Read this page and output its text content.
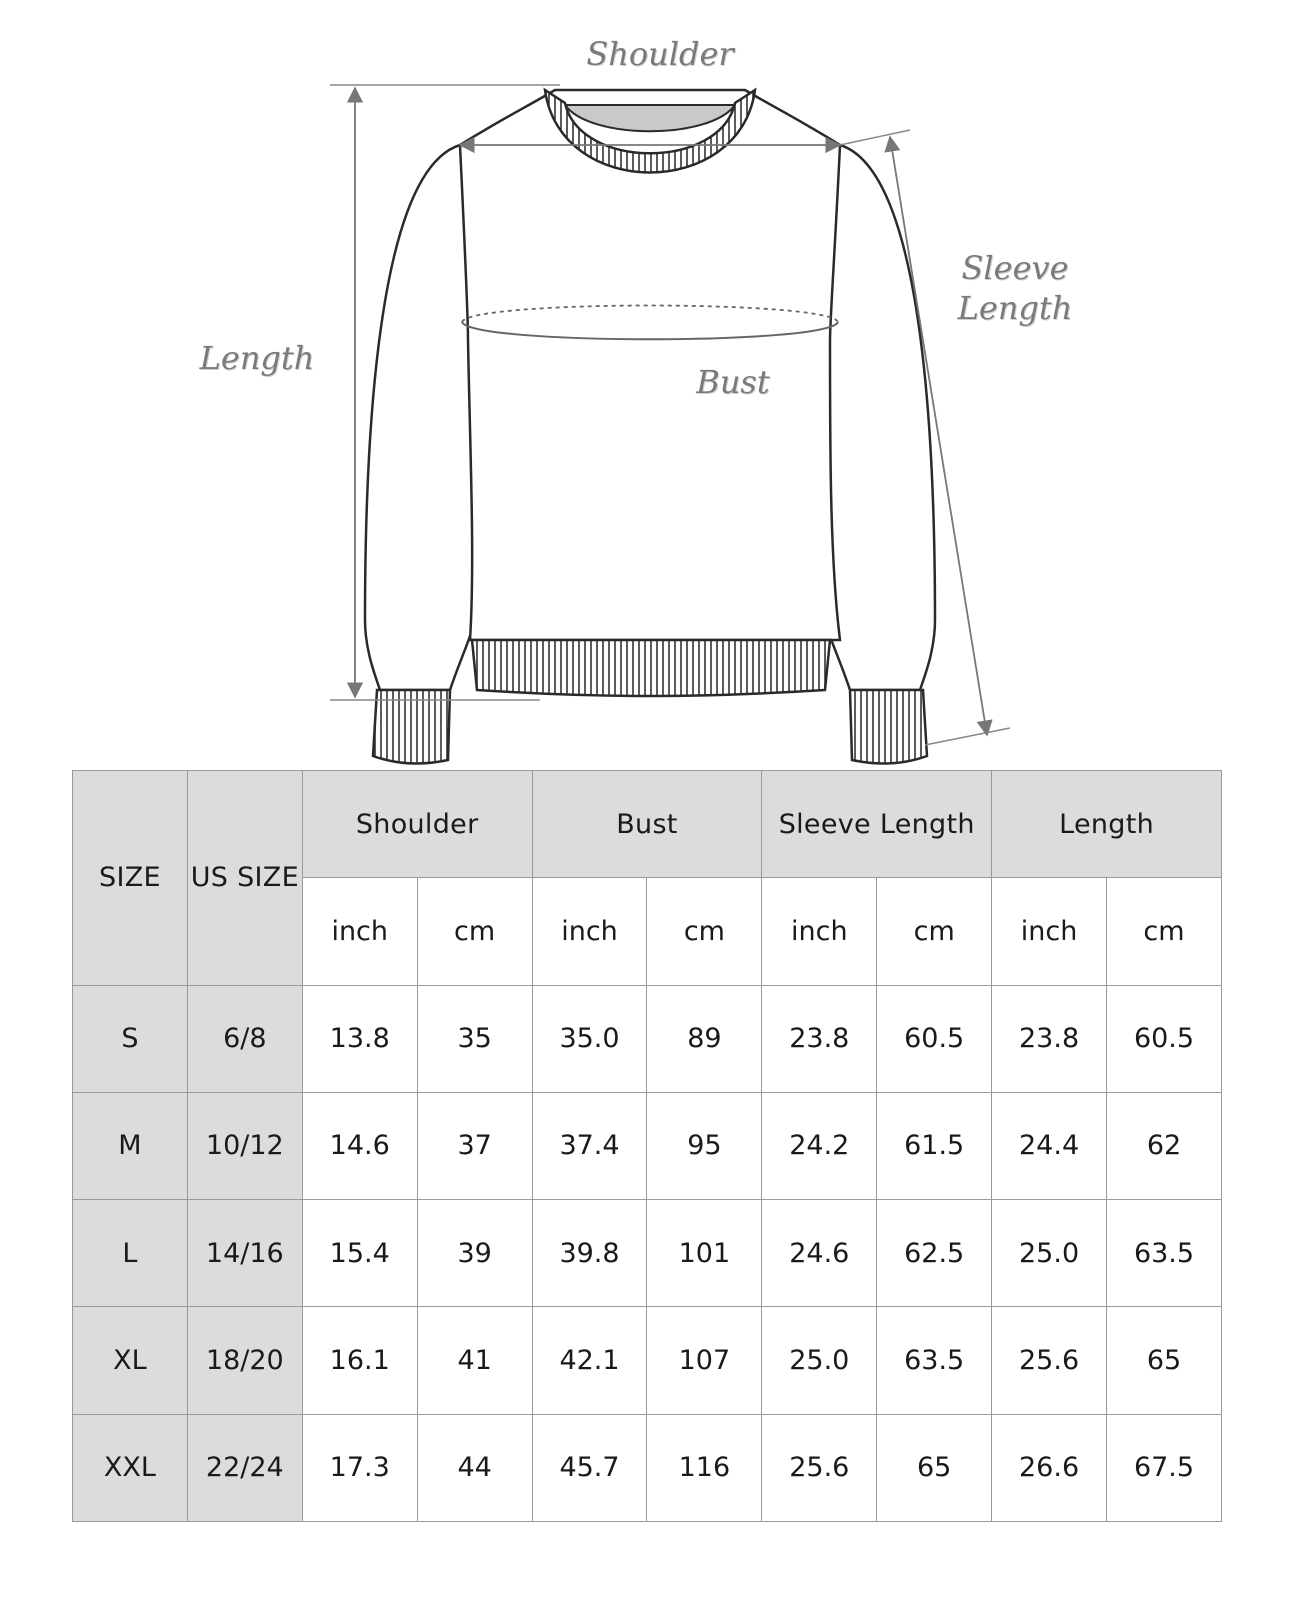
Shoulder
Sleeve
Length
Length
Bust
SIZE	US SIZE	Shoulder		Bust		Sleeve Length		Length	
		inch	cm	inch	cm	inch	cm	inch	cm
S	6/8	13.8	35	35.0	89	23.8	60.5	23.8	60.5
M	10/12	14.6	37	37.4	95	24.2	61.5	24.4	62
L	14/16	15.4	39	39.8	101	24.6	62.5	25.0	63.5
XL	18/20	16.1	41	42.1	107	25.0	63.5	25.6	65
XXL	22/24	17.3	44	45.7	116	25.6	65	26.6	67.5
